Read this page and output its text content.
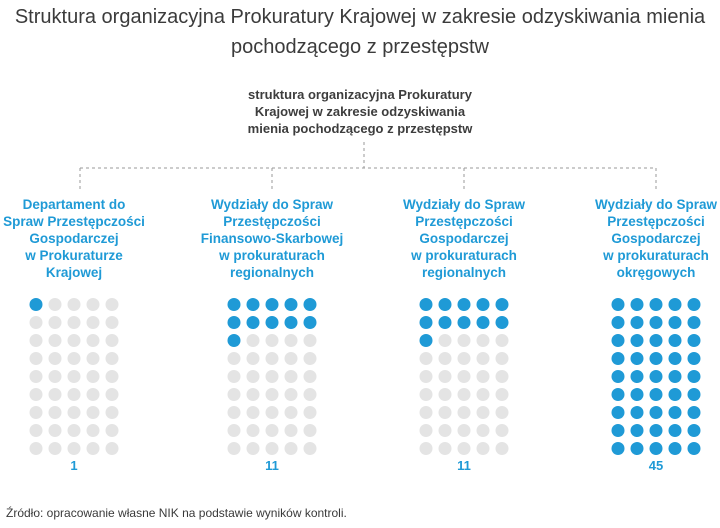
Struktura organizacyjna Prokuratury Krajowej w zakresie odzyskiwania mienia pochodzącego z przestępstw
struktura organizacyjna Prokuratury
Krajowej w zakresie odzyskiwania
mienia pochodzącego z przestępstw
Departament do
Spraw Przestępczości
Gospodarczej
w Prokuraturze
Krajowej
1
Wydziały do Spraw
Przestępczości
Finansowo-Skarbowej
w prokuraturach
regionalnych
11
Wydziały do Spraw
Przestępczości
Gospodarczej
w prokuraturach
regionalnych
11
Wydziały do Spraw
Przestępczości
Gospodarczej
w prokuraturach
okręgowych
45
Źródło: opracowanie własne NIK na podstawie wyników kontroli.
